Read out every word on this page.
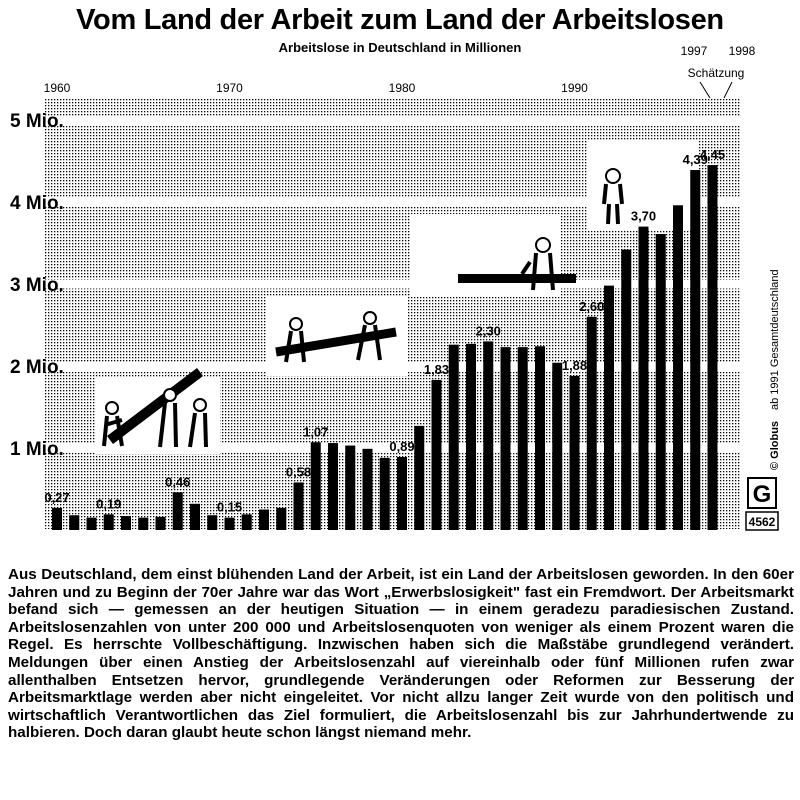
1 Mio.
2 Mio.
3 Mio.
4 Mio.
5 Mio.
1960	1970	1980	1990
0,27 0,19
0,46
0,15
0,58
1,07
0,89
1,83
2,30
1,88
2,60
3,70
4,39
4,45
1997 1998
Schätzung
ab 1991 Gesamtdeutschland
© Globus
G
4562
Vom Land der Arbeit zum Land der Arbeitslosen
Arbeitslose in Deutschland in Millionen

Aus Deutschland, dem einst blühenden Land der Arbeit, ist ein Land der Arbeitslosen geworden. In den 60er Jahren und zu Beginn der 70er Jahre war das Wort „Erwerbslosigkeit" fast ein Fremdwort. Der Arbeitsmarkt befand sich — gemessen an der heutigen Situation — in einem geradezu paradiesischen Zustand. Arbeitslosenzahlen von unter 200 000 und Arbeitslosenquoten von weniger als einem Prozent waren die Regel. Es herrschte Vollbeschäftigung. Inzwischen haben sich die Maßstäbe grundlegend verändert. Meldungen über einen Anstieg der Arbeitslosenzahl auf viereinhalb oder fünf Millionen rufen zwar allenthalben Entsetzen hervor, grundlegende Veränderungen oder Reformen zur Besserung der Arbeitsmarktlage werden aber nicht eingeleitet. Vor nicht allzu langer Zeit wurde von den politisch und wirtschaftlich Verantwortlichen das Ziel formuliert, die Arbeitslosenzahl bis zur Jahrhundertwende zu halbieren. Doch daran glaubt heute schon längst niemand mehr.
